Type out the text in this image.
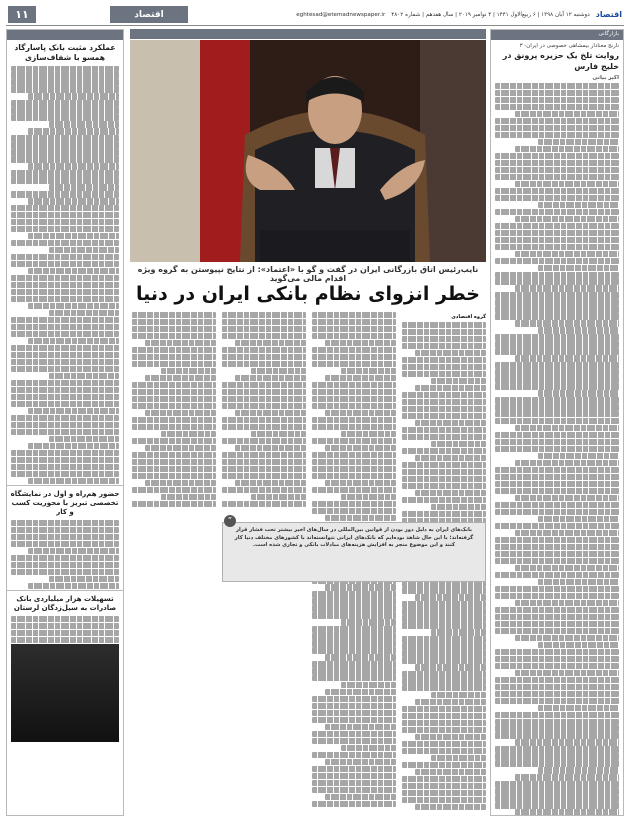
اقتصاد
دوشنبه ۱۲ آبان ۱۳۹۸ | ۶ ربیع‌الاول ۱۴۴۱ | ۴ نوامبر ۲۰۱۹ | سال هفدهم | شماره ۴۸۰۲
eghtesad@etemadnewspaper.ir
اقتصاد
۱۱
بازارگانی
نارنج معنادار بیمشاهی خصوصی در ایران- ۳
روایت تلخ یک حزیره پرونق در خلیج فارس
اکبر بیاتی
عملکرد مثبت بانک پاسارگاد همسو با شفاف‌سازی
حضور هم‌راه و اول در نمایشگاه تخصصی تبریز با محوریت کسب و کار
تسهیلات هزار میلیاردی بانک صادرات به سیل‌زدگان لرستان
نایب‌رئیس اتاق بازرگانی ایران در گفت و گو با «اعتماد»: از نتایج نپیوستن به گروه ویژه اقدام مالی می‌گوید
خطر انزوای نظام بانکی ایران در دنیا
گروه اقتصادی
”
بانک‌های ایران به دلیل دور بودن از قوانین بین‌المللی در سال‌های اخیر بیشتر تحت فشار قرار گرفته‌اند؛ با این حال شاهد بوده‌ایم که بانک‌های ایرانی نتوانسته‌اند با کشورهای مختلف دنیا کار کنند و این موضوع منجر به افزایش هزینه‌های مبادلات بانکی و تجاری شده است.
